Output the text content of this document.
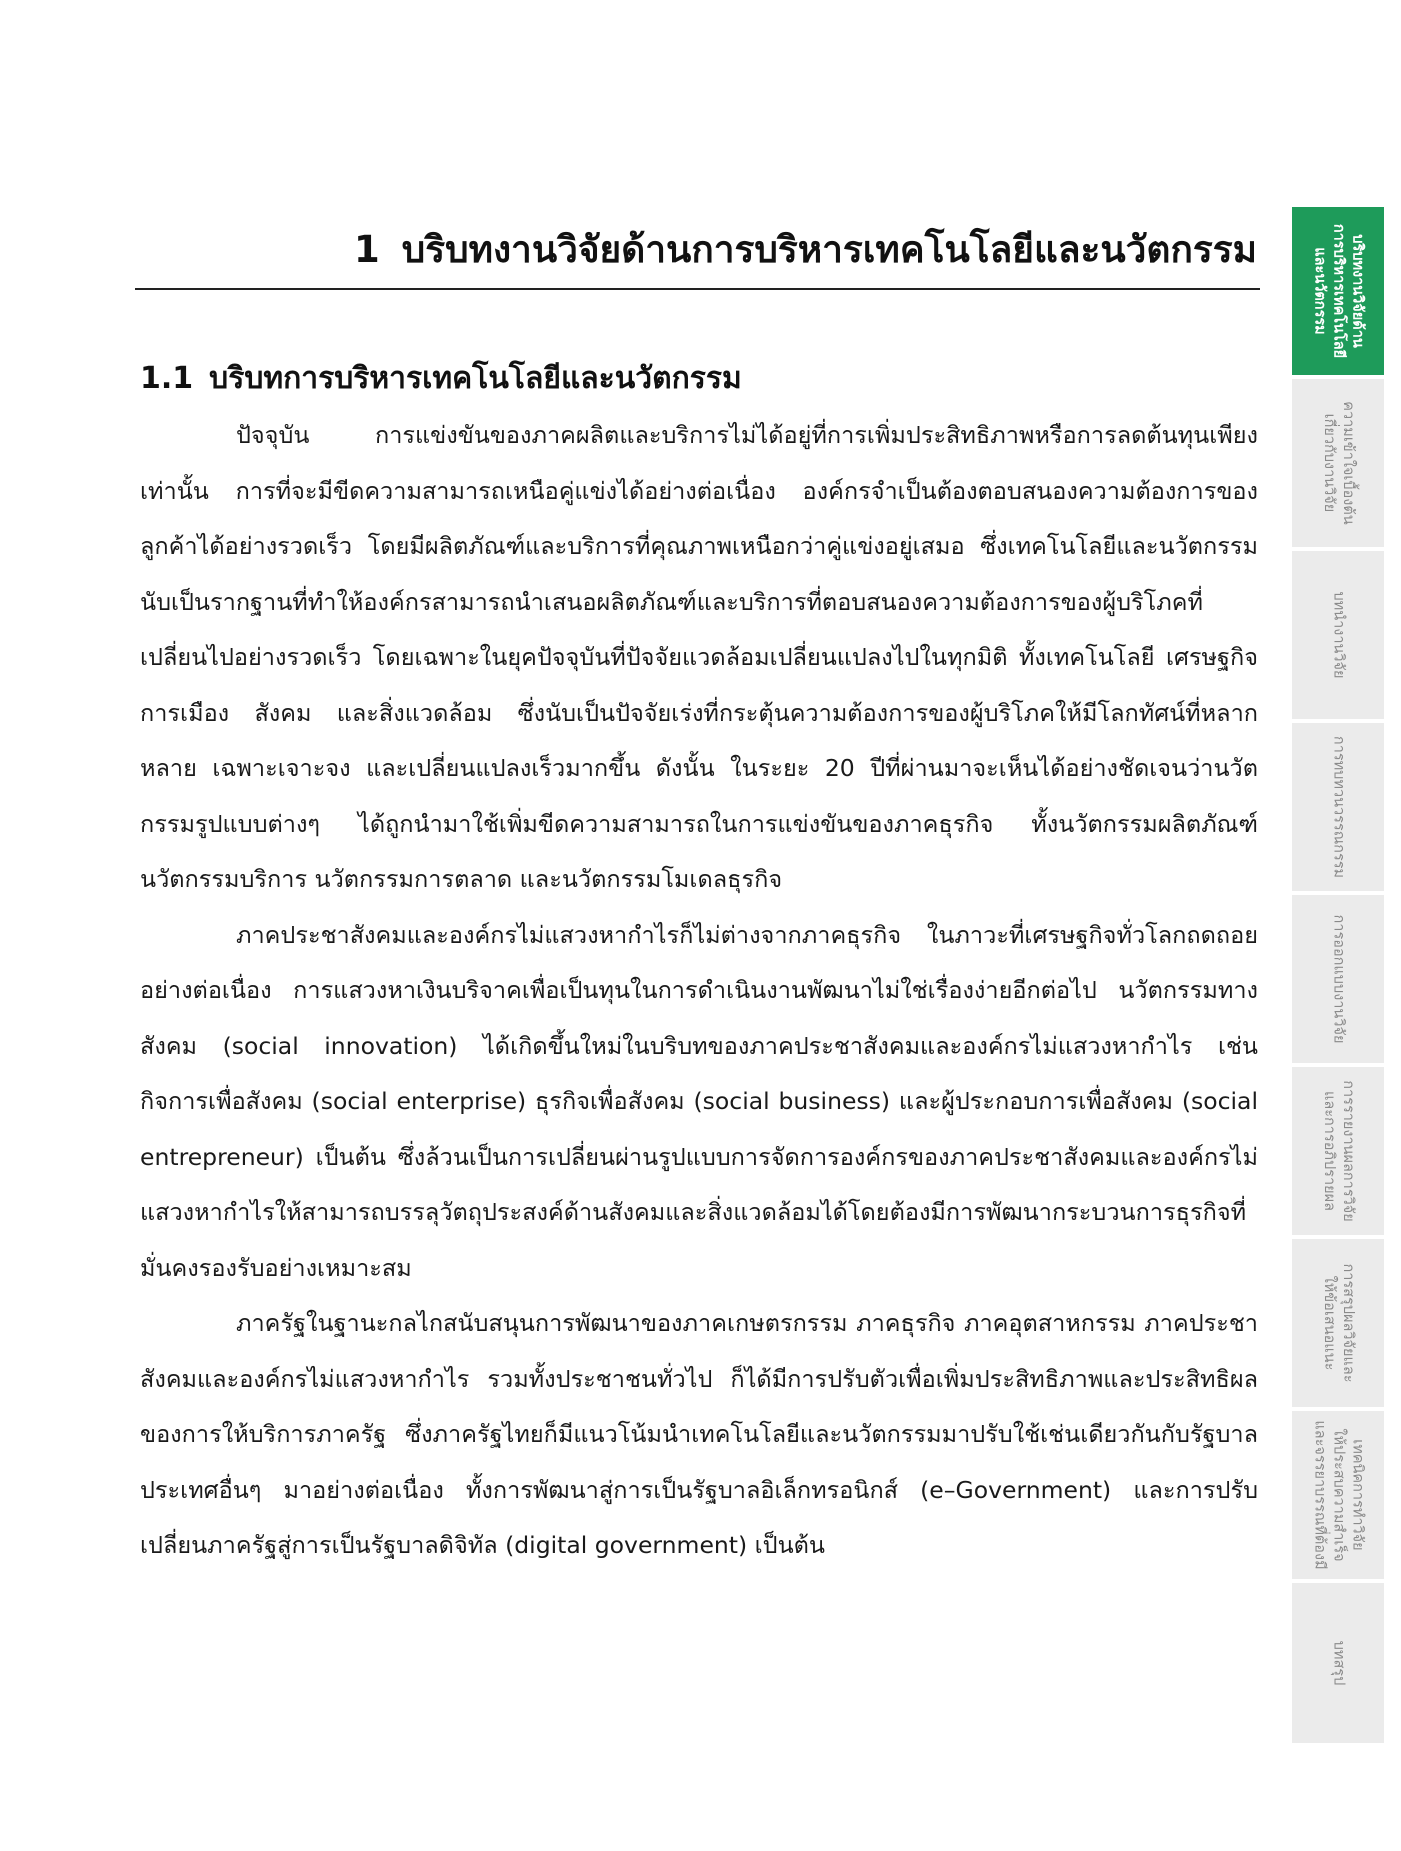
1 บริบทงานวิจัยด้านการบริหารเทคโนโลยีและนวัตกรรม
1.1 บริบทการบริหารเทคโนโลยีและนวัตกรรม

ปัจจุบัน การแข่งขันของภาคผลิตและบริการไม่ได้อยู่ที่การเพิ่มประสิทธิภาพหรือการลดต้นทุนเพียงเท่านั้น การที่จะมีขีดความสามารถเหนือคู่แข่งได้อย่างต่อเนื่อง องค์กรจำเป็นต้องตอบสนองความต้องการของลูกค้าได้อย่างรวดเร็ว โดยมีผลิตภัณฑ์และบริการที่คุณภาพเหนือกว่าคู่แข่งอยู่เสมอ ซึ่งเทคโนโลยีและนวัตกรรมนับเป็นรากฐานที่ทำให้องค์กรสามารถนำเสนอผลิตภัณฑ์และบริการที่ตอบสนองความต้องการของผู้บริโภคที่เปลี่ยนไปอย่างรวดเร็ว โดยเฉพาะในยุคปัจจุบันที่ปัจจัยแวดล้อมเปลี่ยนแปลงไปในทุกมิติ ทั้งเทคโนโลยี เศรษฐกิจ การเมือง สังคม และสิ่งแวดล้อม ซึ่งนับเป็นปัจจัยเร่งที่กระตุ้นความต้องการของผู้บริโภคให้มีโลกทัศน์ที่หลากหลาย เฉพาะเจาะจง และเปลี่ยนแปลงเร็วมากขึ้น ดังนั้น ในระยะ 20 ปีที่ผ่านมาจะเห็นได้อย่างชัดเจนว่านวัตกรรมรูปแบบต่างๆ ได้ถูกนำมาใช้เพิ่มขีดความสามารถในการแข่งขันของภาคธุรกิจ ทั้งนวัตกรรมผลิตภัณฑ์ นวัตกรรมบริการ นวัตกรรมการตลาด และนวัตกรรมโมเดลธุรกิจ

ภาคประชาสังคมและองค์กรไม่แสวงหากำไรก็ไม่ต่างจากภาคธุรกิจ ในภาวะที่เศรษฐกิจทั่วโลกถดถอยอย่างต่อเนื่อง การแสวงหาเงินบริจาคเพื่อเป็นทุนในการดำเนินงานพัฒนาไม่ใช่เรื่องง่ายอีกต่อไป นวัตกรรมทางสังคม (social innovation) ได้เกิดขึ้นใหม่ในบริบทของภาคประชาสังคมและองค์กรไม่แสวงหากำไร เช่น กิจการเพื่อสังคม (social enterprise) ธุรกิจเพื่อสังคม (social business) และผู้ประกอบการเพื่อสังคม (social entrepreneur) เป็นต้น ซึ่งล้วนเป็นการเปลี่ยนผ่านรูปแบบการจัดการองค์กรของภาคประชาสังคมและองค์กรไม่แสวงหากำไรให้สามารถบรรลุวัตถุประสงค์ด้านสังคมและสิ่งแวดล้อมได้โดยต้องมีการพัฒนากระบวนการธุรกิจที่มั่นคงรองรับอย่างเหมาะสม

ภาครัฐในฐานะกลไกสนับสนุนการพัฒนาของภาคเกษตรกรรม ภาคธุรกิจ ภาคอุตสาหกรรม ภาคประชาสังคมและองค์กรไม่แสวงหากำไร รวมทั้งประชาชนทั่วไป ก็ได้มีการปรับตัวเพื่อเพิ่มประสิทธิภาพและประสิทธิผลของการให้บริการภาครัฐ ซึ่งภาครัฐไทยก็มีแนวโน้มนำเทคโนโลยีและนวัตกรรมมาปรับใช้เช่นเดียวกันกับรัฐบาลประเทศอื่นๆ มาอย่างต่อเนื่อง ทั้งการพัฒนาสู่การเป็นรัฐบาลอิเล็กทรอนิกส์ (e–Government) และการปรับเปลี่ยนภาครัฐสู่การเป็นรัฐบาลดิจิทัล (digital government) เป็นต้น

บริบทงานวิจัยด้าน
การบริหารเทคโนโลยี
และนวัตกรรม
ความเข้าใจเบื้องต้น
เกี่ยวกับงานวิจัย
บทนำงานวิจัย
การทบทวนวรรณกรรม
การออกแบบงานวิจัย
การรายงานผลการวิจัย
และการอภิปรายผล
การสรุปผลวิจัยและ
ให้ข้อเสนอแนะ
เทคนิคการทำวิจัย
ให้ประสบความสำเร็จ
และจรรยาบรรณที่ต้องมี
บทสรุป
